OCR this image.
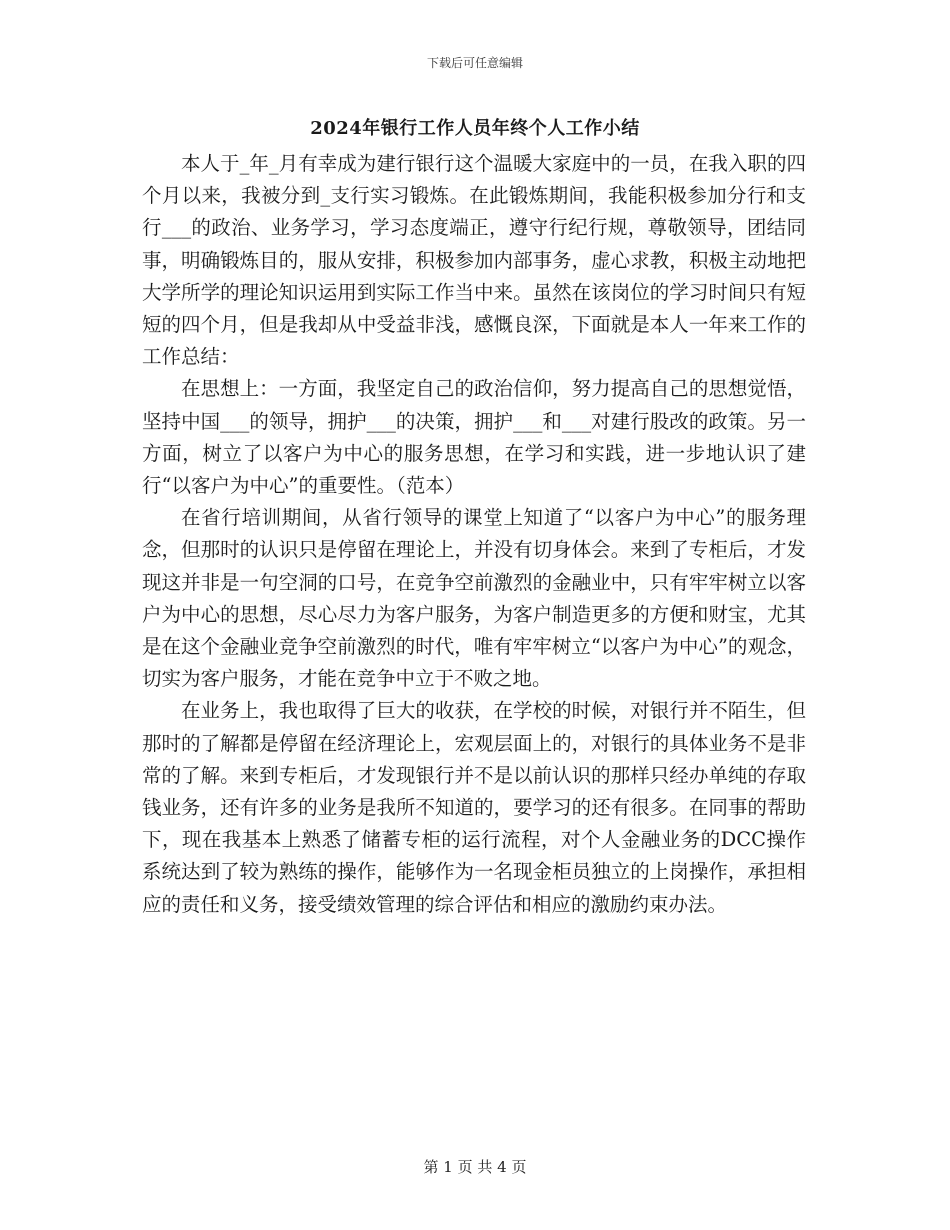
下载后可任意编辑
2024年银行工作人员年终个人工作小结

本人于_年_月有幸成为建行银行这个温暖大家庭中的一员，在我入职的四个月以来，我被分到_支行实习锻炼。在此锻炼期间，我能积极参加分行和支行___的政治、业务学习，学习态度端正，遵守行纪行规，尊敬领导，团结同事，明确锻炼目的，服从安排，积极参加内部事务，虚心求教，积极主动地把大学所学的理论知识运用到实际工作当中来。虽然在该岗位的学习时间只有短短的四个月，但是我却从中受益非浅，感慨良深，下面就是本人一年来工作的工作总结：

在思想上：一方面，我坚定自己的政治信仰，努力提高自己的思想觉悟，坚持中国___的领导，拥护___的决策，拥护___和___对建行股改的政策。另一方面，树立了以客户为中心的服务思想，在学习和实践，进一步地认识了建行“以客户为中心”的重要性。（范本）

在省行培训期间，从省行领导的课堂上知道了“以客户为中心”的服务理念，但那时的认识只是停留在理论上，并没有切身体会。来到了专柜后，才发现这并非是一句空洞的口号，在竞争空前激烈的金融业中，只有牢牢树立以客户为中心的思想，尽心尽力为客户服务，为客户制造更多的方便和财宝，尤其是在这个金融业竞争空前激烈的时代，唯有牢牢树立“以客户为中心”的观念，切实为客户服务，才能在竞争中立于不败之地。

在业务上，我也取得了巨大的收获，在学校的时候，对银行并不陌生，但那时的了解都是停留在经济理论上，宏观层面上的，对银行的具体业务不是非常的了解。来到专柜后，才发现银行并不是以前认识的那样只经办单纯的存取钱业务，还有许多的业务是我所不知道的，要学习的还有很多。在同事的帮助下，现在我基本上熟悉了储蓄专柜的运行流程，对个人金融业务的DCC操作系统达到了较为熟练的操作，能够作为一名现金柜员独立的上岗操作，承担相应的责任和义务，接受绩效管理的综合评估和相应的激励约束办法。

第 1 页 共 4 页
